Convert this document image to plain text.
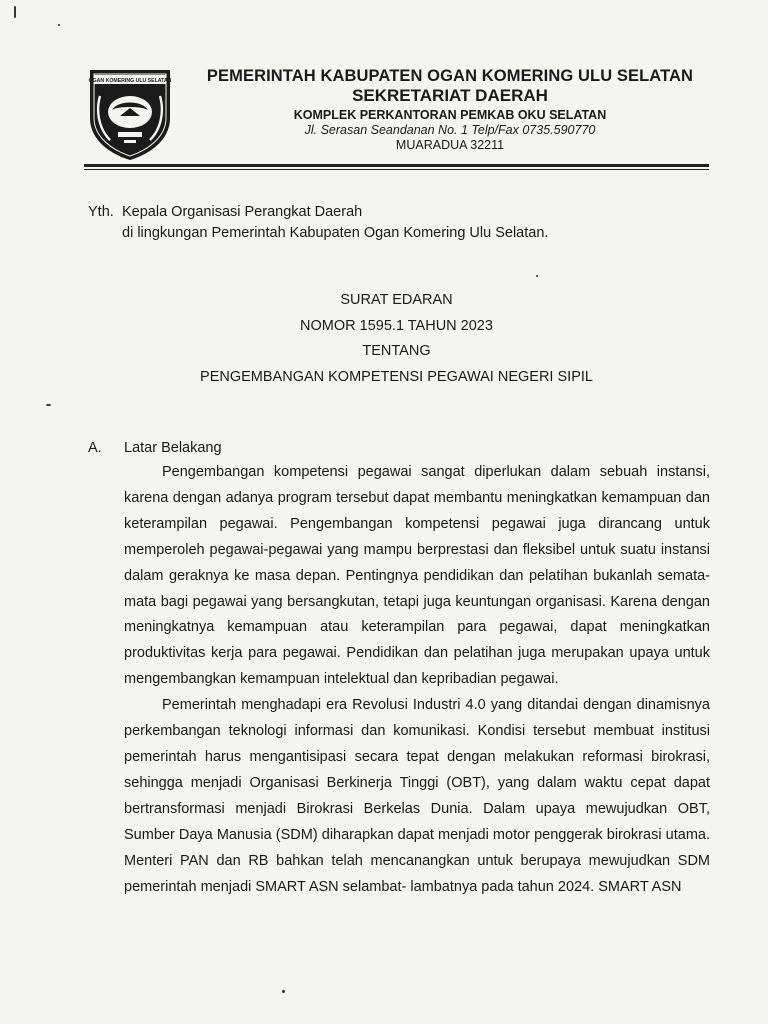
OGAN KOMERING ULU SELATAN	PEMERINTAH KABUPATEN OGAN KOMERING ULU SELATAN
SEKRETARIAT DAERAH
KOMPLEK PERKANTORAN PEMKAB OKU SELATAN
Jl. Serasan Seandanan No. 1 Telp/Fax 0735.590770
MUARADUA 32211
Yth. Kepala Organisasi Perangkat Daerah
di lingkungan Pemerintah Kabupaten Ogan Komering Ulu Selatan.
SURAT EDARAN
NOMOR 1595.1 TAHUN 2023
TENTANG
PENGEMBANGAN KOMPETENSI PEGAWAI NEGERI SIPIL
A. Latar Belakang

Pengembangan kompetensi pegawai sangat diperlukan dalam sebuah instansi, karena dengan adanya program tersebut dapat membantu meningkatkan kemampuan dan keterampilan pegawai. Pengembangan kompetensi pegawai juga dirancang untuk memperoleh pegawai-pegawai yang mampu berprestasi dan fleksibel untuk suatu instansi dalam geraknya ke masa depan. Pentingnya pendidikan dan pelatihan bukanlah semata-mata bagi pegawai yang bersangkutan, tetapi juga keuntungan organisasi. Karena dengan meningkatnya kemampuan atau keterampilan para pegawai, dapat meningkatkan produktivitas kerja para pegawai. Pendidikan dan pelatihan juga merupakan upaya untuk mengembangkan kemampuan intelektual dan kepribadian pegawai.

Pemerintah menghadapi era Revolusi Industri 4.0 yang ditandai dengan dinamisnya perkembangan teknologi informasi dan komunikasi. Kondisi tersebut membuat institusi pemerintah harus mengantisipasi secara tepat dengan melakukan reformasi birokrasi, sehingga menjadi Organisasi Berkinerja Tinggi (OBT), yang dalam waktu cepat dapat bertransformasi menjadi Birokrasi Berkelas Dunia. Dalam upaya mewujudkan OBT, Sumber Daya Manusia (SDM) diharapkan dapat menjadi motor penggerak birokrasi utama. Menteri PAN dan RB bahkan telah mencanangkan untuk berupaya mewujudkan SDM pemerintah menjadi SMART ASN selambat- lambatnya pada tahun 2024. SMART ASN
